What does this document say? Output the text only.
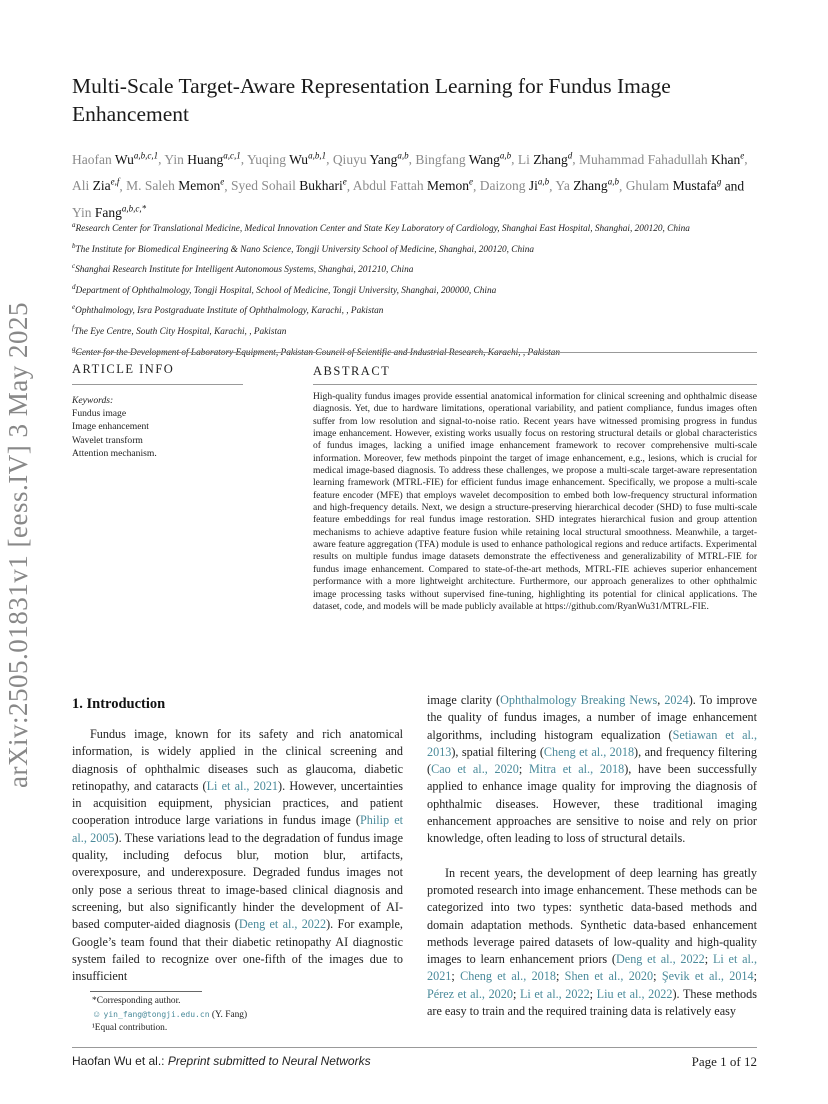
arXiv:2505.01831v1 [eess.IV] 3 May 2025
Multi-Scale Target-Aware Representation Learning for Fundus Image Enhancement
Haofan Wu$^{a,b,c,1}$, Yin Huang$^{a,c,1}$, Yuqing Wu$^{a,b,1}$, Qiuyu Yang$^{a,b}$, Bingfang Wang$^{a,b}$, Li Zhang$^d$, Muhammad Fahadullah Khan$^e$, Ali Zia$^{e,f}$, M. Saleh Memon$^e$, Syed Sohail Bukhari$^e$, Abdul Fattah Memon$^e$, Daizong Ji$^{a,b}$, Ya Zhang$^{a,b}$, Ghulam Mustafa$^g$ and Yin Fang$^{a,b,c,*}$
$^a$Research Center for Translational Medicine, Medical Innovation Center and State Key Laboratory of Cardiology, Shanghai East Hospital, Shanghai, 200120, China
$^b$The Institute for Biomedical Engineering & Nano Science, Tongji University School of Medicine, Shanghai, 200120, China
$^c$Shanghai Research Institute for Intelligent Autonomous Systems, Shanghai, 201210, China
$^d$Department of Ophthalmology, Tongji Hospital, School of Medicine, Tongji University, Shanghai, 200000, China
$^e$Ophthalmology, Isra Postgraduate Institute of Ophthalmology, Karachi, , Pakistan
$^f$The Eye Centre, South City Hospital, Karachi, , Pakistan
$^g$Center for the Development of Laboratory Equipment, Pakistan Council of Scientific and Industrial Research, Karachi, , Pakistan
ARTICLE INFO	ABSTRACT
Keywords:
Fundus image
Image enhancement
Wavelet transform
Attention mechanism.
High-quality fundus images provide essential anatomical information for clinical screening and ophthalmic disease diagnosis. Yet, due to hardware limitations, operational variability, and patient compliance, fundus images often suffer from low resolution and signal-to-noise ratio. Recent years have witnessed promising progress in fundus image enhancement. However, existing works usually focus on restoring structural details or global characteristics of fundus images, lacking a unified image enhancement framework to recover comprehensive multi-scale information. Moreover, few methods pinpoint the target of image enhancement, e.g., lesions, which is crucial for medical image-based diagnosis. To address these challenges, we propose a multi-scale target-aware representation learning framework (MTRL-FIE) for efficient fundus image enhancement. Specifically, we propose a multi-scale feature encoder (MFE) that employs wavelet decomposition to embed both low-frequency structural information and high-frequency details. Next, we design a structure-preserving hierarchical decoder (SHD) to fuse multi-scale feature embeddings for real fundus image restoration. SHD integrates hierarchical fusion and group attention mechanisms to achieve adaptive feature fusion while retaining local structural smoothness. Meanwhile, a target-aware feature aggregation (TFA) module is used to enhance pathological regions and reduce artifacts. Experimental results on multiple fundus image datasets demonstrate the effectiveness and generalizability of MTRL-FIE for fundus image enhancement. Compared to state-of-the-art methods, MTRL-FIE achieves superior enhancement performance with a more lightweight architecture. Furthermore, our approach generalizes to other ophthalmic image processing tasks without supervised fine-tuning, highlighting its potential for clinical applications. The dataset, code, and models will be made publicly available at https://github.com/RyanWu31/MTRL-FIE.
1. Introduction

Fundus image, known for its safety and rich anatomical information, is widely applied in the clinical screening and diagnosis of ophthalmic diseases such as glaucoma, diabetic retinopathy, and cataracts (Li et al., 2021). However, uncertainties in acquisition equipment, physician practices, and patient cooperation introduce large variations in fundus image (Philip et al., 2005). These variations lead to the degradation of fundus image quality, including defocus blur, motion blur, artifacts, overexposure, and underexposure. Degraded fundus images not only pose a serious threat to image-based clinical diagnosis and screening, but also significantly hinder the development of AI-based computer-aided diagnosis (Deng et al., 2022). For example, Google’s team found that their diabetic retinopathy AI diagnostic system failed to recognize over one-fifth of the images due to insufficient

image clarity (Ophthalmology Breaking News, 2024). To improve the quality of fundus images, a number of image enhancement algorithms, including histogram equalization (Setiawan et al., 2013), spatial filtering (Cheng et al., 2018), and frequency filtering (Cao et al., 2020; Mitra et al., 2018), have been successfully applied to enhance image quality for improving the diagnosis of ophthalmic diseases. However, these traditional imaging enhancement approaches are sensitive to noise and rely on prior knowledge, often leading to loss of structural details.

In recent years, the development of deep learning has greatly promoted research into image enhancement. These methods can be categorized into two types: synthetic data-based methods and domain adaptation methods. Synthetic data-based enhancement methods leverage paired datasets of low-quality and high-quality images to learn enhancement priors (Deng et al., 2022; Li et al., 2021; Cheng et al., 2018; Shen et al., 2020; Şevik et al., 2014; Pérez et al., 2020; Li et al., 2022; Liu et al., 2022). These methods are easy to train and the required training data is relatively easy

*Corresponding author.
☺ yin_fang@tongji.edu.cn (Y. Fang)
¹Equal contribution.
Haofan Wu et al.: Preprint submitted to Neural Networks	Page 1 of 12
